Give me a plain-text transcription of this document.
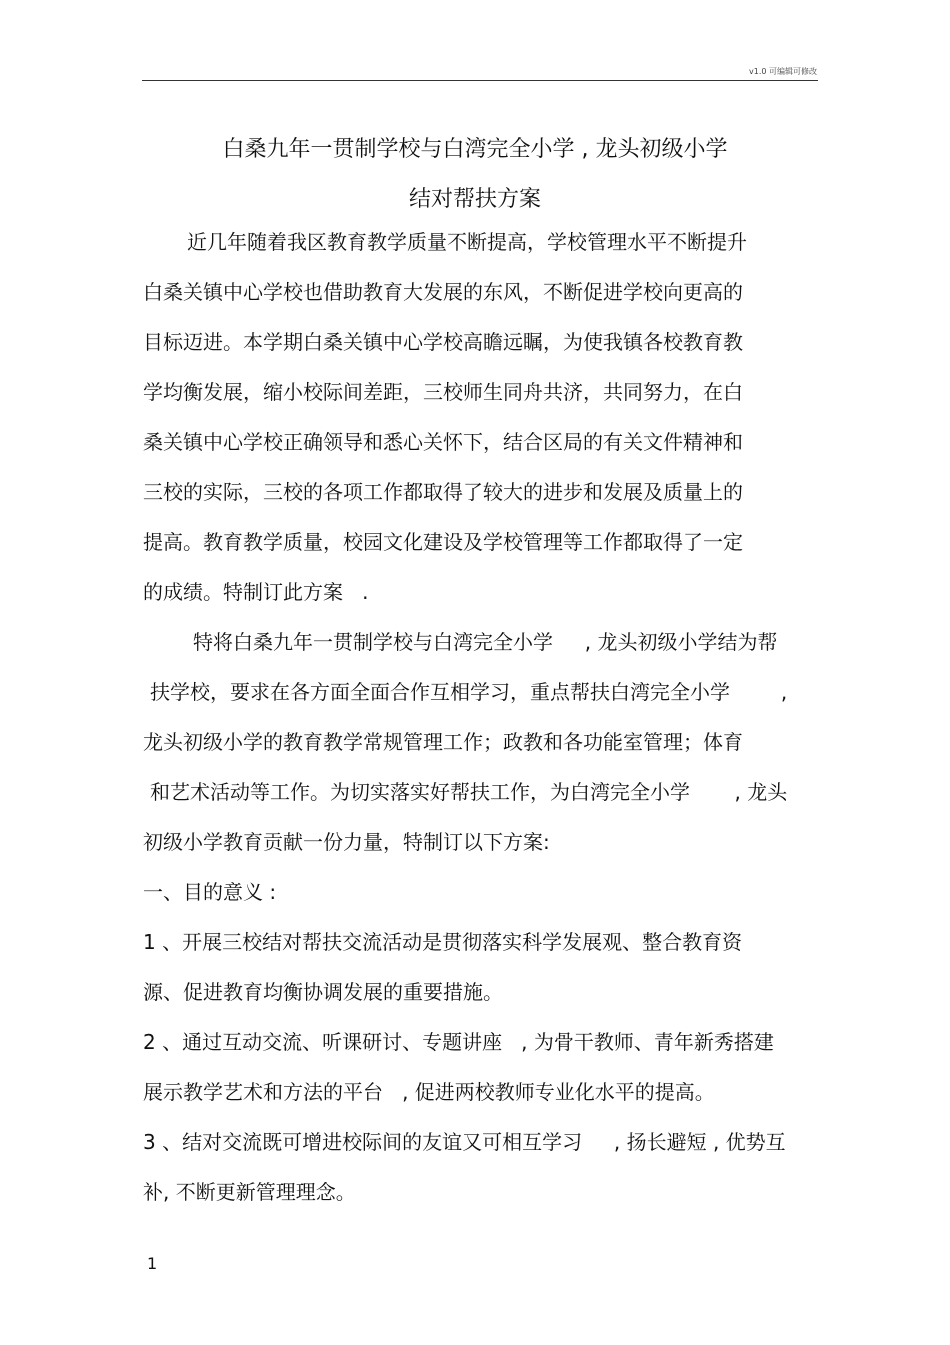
v1.0 可编辑可修改
白桑九年一贯制学校与白湾完全小学 , 龙头初级小学
结对帮扶方案
近几年随着我区教育教学质量不断提高，学校管理水平不断提升
白桑关镇中心学校也借助教育大发展的东风，不断促进学校向更高的
目标迈进。本学期白桑关镇中心学校高瞻远瞩，为使我镇各校教育教
学均衡发展，缩小校际间差距，三校师生同舟共济，共同努力，在白
桑关镇中心学校正确领导和悉心关怀下，结合区局的有关文件精神和
三校的实际，三校的各项工作都取得了较大的进步和发展及质量上的
提高。教育教学质量，校园文化建设及学校管理等工作都取得了一定
的成绩。特制订此方案   .
特将白桑九年一贯制学校与白湾完全小学     , 龙头初级小学结为帮
扶学校，要求在各方面全面合作互相学习，重点帮扶白湾完全小学        ,
龙头初级小学的教育教学常规管理工作；政教和各功能室管理；体育
和艺术活动等工作。为切实落实好帮扶工作，为白湾完全小学       , 龙头
初级小学教育贡献一份力量，特制订以下方案:
一、目的意义 :
1 、开展三校结对帮扶交流活动是贯彻落实科学发展观、整合教育资
源、促进教育均衡协调发展的重要措施。
2 、通过互动交流、听课研讨、专题讲座   , 为骨干教师、青年新秀搭建
展示教学艺术和方法的平台   , 促进两校教师专业化水平的提高。
3 、结对交流既可增进校际间的友谊又可相互学习     , 扬长避短 , 优势互
补, 不断更新管理理念。
1
